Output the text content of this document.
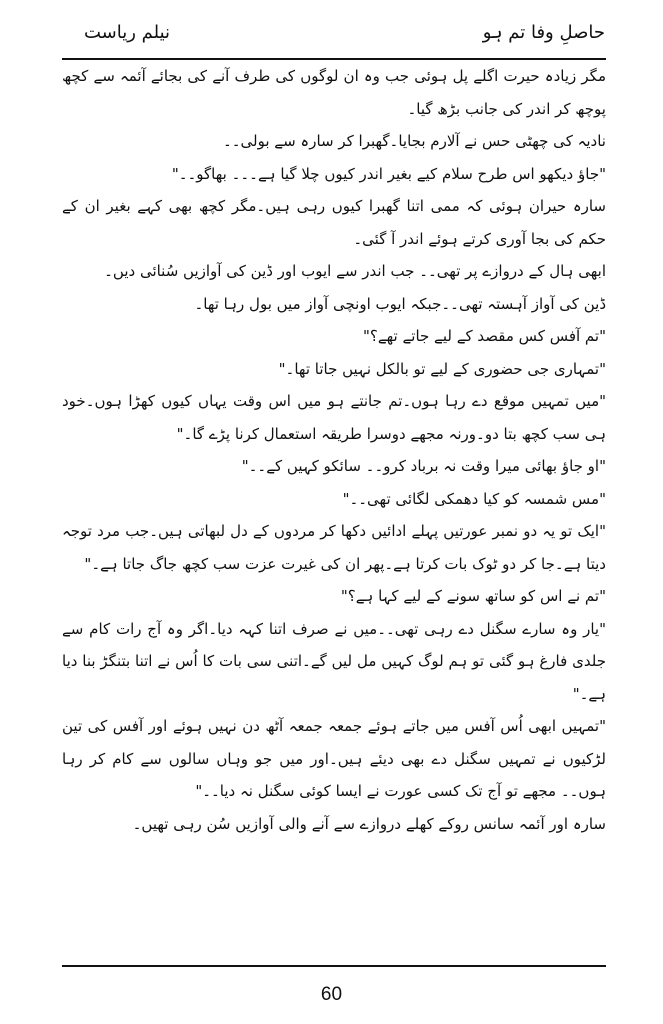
حاصلِ وفا تم ہو
نیلم ریاست

مگر زیادہ حیرت اگلے پل ہوئی جب وہ ان لوگوں کی طرف آنے کی بجائے آئمہ سے کچھ پوچھ کر اندر کی جانب بڑھ گیا۔

نادیہ کی چھٹی حس نے آلارم بجایا۔گھبرا کر سارہ سے بولی۔۔

"جاؤ دیکھو اس طرح سلام کیے بغیر اندر کیوں چلا گیا ہے۔۔۔ بھاگو۔۔"

سارہ حیران ہوئی کہ ممی اتنا گھبرا کیوں رہی ہیں۔مگر کچھ بھی کہے بغیر ان کے حکم کی بجا آوری کرتے ہوئے اندر آ گئی۔

ابھی ہال کے دروازے پر تھی۔۔ جب اندر سے ایوب اور ڈین کی آوازیں سُنائی دیں۔

ڈین کی آواز آہستہ تھی۔۔جبکہ ایوب اونچی آواز میں بول رہا تھا۔

"تم آفس کس مقصد کے لیے جاتے تھے؟"

"تمہاری جی حضوری کے لیے تو بالکل نہیں جاتا تھا۔"

"میں تمہیں موقع دے رہا ہوں۔تم جانتے ہو میں اس وقت یہاں کیوں کھڑا ہوں۔خود ہی سب کچھ بتا دو۔ورنہ مجھے دوسرا طریقہ استعمال کرنا پڑے گا۔"

"او جاؤ بھائی میرا وقت نہ برباد کرو۔۔ سائکو کہیں کے۔۔"

"مس شمسہ کو کیا دھمکی لگائی تھی۔۔"

"ایک تو یہ دو نمبر عورتیں پہلے ادائیں دکھا کر مردوں کے دل لبھاتی ہیں۔جب مرد توجہ دیتا ہے۔جا کر دو ٹوک بات کرتا ہے۔پھر ان کی غیرت عزت سب کچھ جاگ جاتا ہے۔"

"تم نے اس کو ساتھ سونے کے لیے کہا ہے؟"

"یار وہ سارے سگنل دے رہی تھی۔۔میں نے صرف اتنا کہہ دیا۔اگر وہ آج رات کام سے جلدی فارغ ہو گئی تو ہم لوگ کہیں مل لیں گے۔اتنی سی بات کا اُس نے اتنا بتنگڑ بنا دیا ہے۔"

"تمہیں ابھی اُس آفس میں جاتے ہوئے جمعہ جمعہ آٹھ دن نہیں ہوئے اور آفس کی تین لڑکیوں نے تمہیں سگنل دے بھی دیئے ہیں۔اور میں جو وہاں سالوں سے کام کر رہا ہوں۔۔ مجھے تو آج تک کسی عورت نے ایسا کوئی سگنل نہ دیا۔۔"

سارہ اور آئمہ سانس روکے کھلے دروازے سے آنے والی آوازیں سُن رہی تھیں۔

60
